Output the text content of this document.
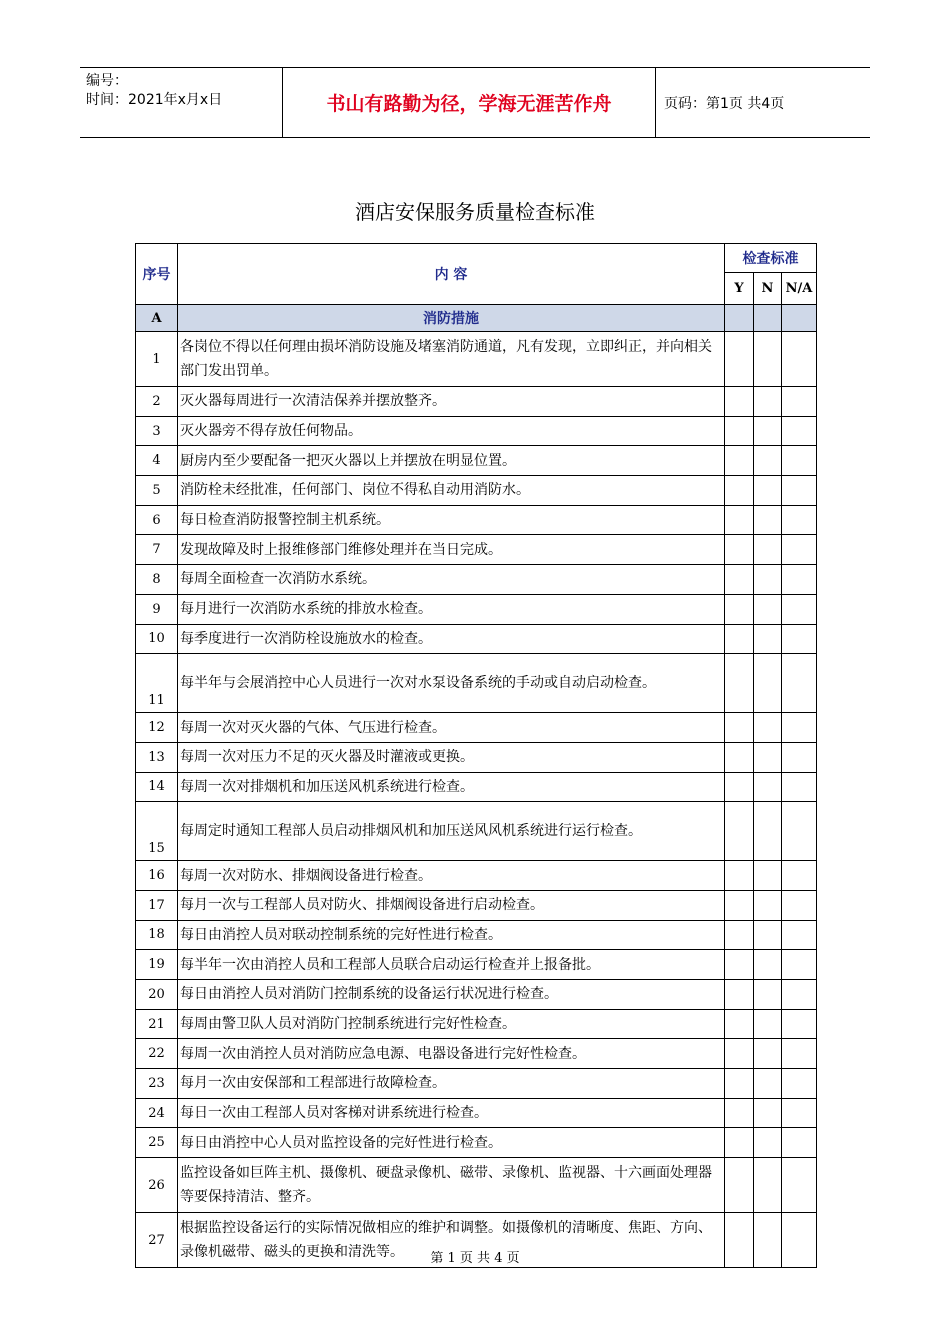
编号：
时间：2021年x月x日	书山有路勤为径，学海无涯苦作舟	页码：第1页 共4页
酒店安保服务质量检查标准
序号	内 容	检查标准		
		Y	N	N/A
A	消防措施			
1	各岗位不得以任何理由损坏消防设施及堵塞消防通道，凡有发现，立即纠正，并向相关部门发出罚单。			
2	灭火器每周进行一次清洁保养并摆放整齐。			
3	灭火器旁不得存放任何物品。			
4	厨房内至少要配备一把灭火器以上并摆放在明显位置。			
5	消防栓未经批准，任何部门、岗位不得私自动用消防水。			
6	每日检查消防报警控制主机系统。			
7	发现故障及时上报维修部门维修处理并在当日完成。			
8	每周全面检查一次消防水系统。			
9	每月进行一次消防水系统的排放水检查。			
10	每季度进行一次消防栓设施放水的检查。			
11	每半年与会展消控中心人员进行一次对水泵设备系统的手动或自动启动检查。			
12	每周一次对灭火器的气体、气压进行检查。			
13	每周一次对压力不足的灭火器及时灌液或更换。			
14	每周一次对排烟机和加压送风机系统进行检查。			
15	每周定时通知工程部人员启动排烟风机和加压送风风机系统进行运行检查。			
16	每周一次对防水、排烟阀设备进行检查。			
17	每月一次与工程部人员对防火、排烟阀设备进行启动检查。			
18	每日由消控人员对联动控制系统的完好性进行检查。			
19	每半年一次由消控人员和工程部人员联合启动运行检查并上报备批。			
20	每日由消控人员对消防门控制系统的设备运行状况进行检查。			
21	每周由警卫队人员对消防门控制系统进行完好性检查。			
22	每周一次由消控人员对消防应急电源、电器设备进行完好性检查。			
23	每月一次由安保部和工程部进行故障检查。			
24	每日一次由工程部人员对客梯对讲系统进行检查。			
25	每日由消控中心人员对监控设备的完好性进行检查。			
26	监控设备如巨阵主机、摄像机、硬盘录像机、磁带、录像机、监视器、十六画面处理器等要保持清洁、整齐。			
27	根据监控设备运行的实际情况做相应的维护和调整。如摄像机的清晰度、焦距、方向、录像机磁带、磁头的更换和清洗等。				第 1 页 共 4 页
